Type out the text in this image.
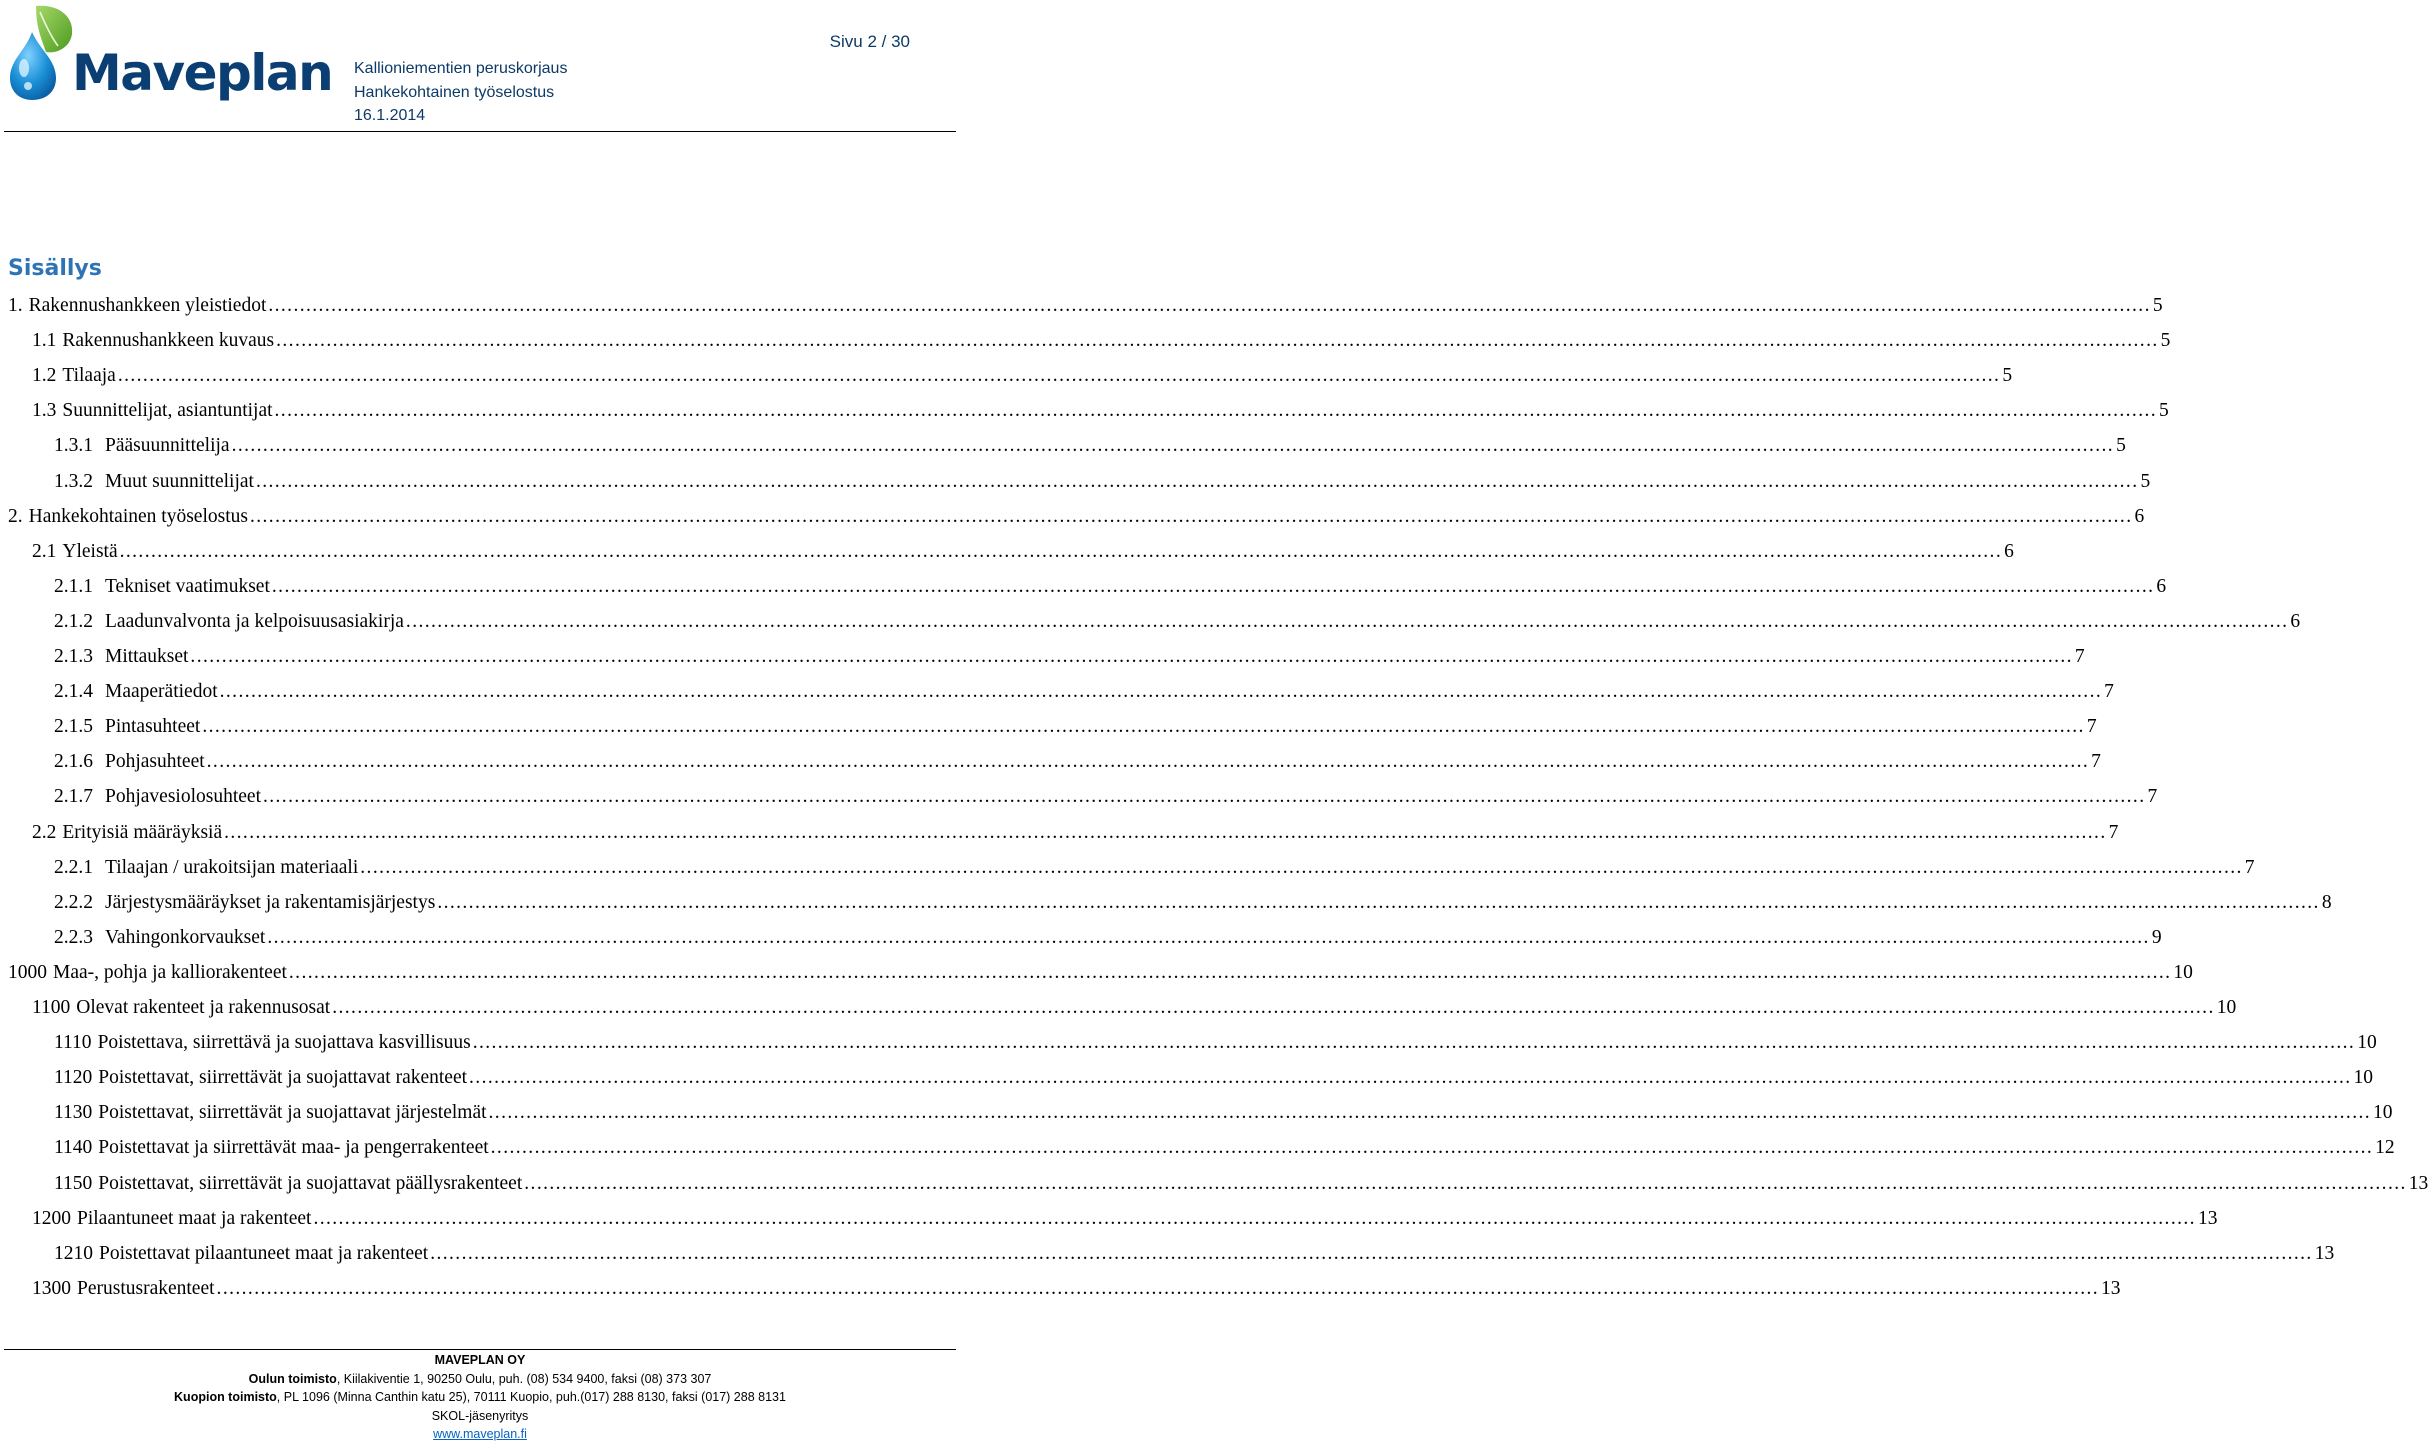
Maveplan Kallioniementien peruskorjaus
Hankekohtainen työselostus
16.1.2014
Sivu 2 / 30
Sisällys
1. Rakennushankkeen yleistiedot ............................................................................................................................................................................................................................................................................................................ 5
1.1 Rakennushankkeen kuvaus ............................................................................................................................................................................................................................................................................................................ 5
1.2 Tilaaja ............................................................................................................................................................................................................................................................................................................ 5
1.3 Suunnittelijat, asiantuntijat ............................................................................................................................................................................................................................................................................................................ 5
1.3.1 Pääsuunnittelija ............................................................................................................................................................................................................................................................................................................ 5
1.3.2 Muut suunnittelijat ............................................................................................................................................................................................................................................................................................................ 5
2. Hankekohtainen työselostus ............................................................................................................................................................................................................................................................................................................ 6
2.1 Yleistä ............................................................................................................................................................................................................................................................................................................ 6
2.1.1 Tekniset vaatimukset ............................................................................................................................................................................................................................................................................................................ 6
2.1.2 Laadunvalvonta ja kelpoisuusasiakirja ............................................................................................................................................................................................................................................................................................................ 6
2.1.3 Mittaukset ............................................................................................................................................................................................................................................................................................................ 7
2.1.4 Maaperätiedot ............................................................................................................................................................................................................................................................................................................ 7
2.1.5 Pintasuhteet ............................................................................................................................................................................................................................................................................................................ 7
2.1.6 Pohjasuhteet ............................................................................................................................................................................................................................................................................................................ 7
2.1.7 Pohjavesiolosuhteet ............................................................................................................................................................................................................................................................................................................ 7
2.2 Erityisiä määräyksiä ............................................................................................................................................................................................................................................................................................................ 7
2.2.1 Tilaajan / urakoitsijan materiaali ............................................................................................................................................................................................................................................................................................................ 7
2.2.2 Järjestysmääräykset ja rakentamisjärjestys ............................................................................................................................................................................................................................................................................................................ 8
2.2.3 Vahingonkorvaukset ............................................................................................................................................................................................................................................................................................................ 9
1000 Maa-, pohja ja kalliorakenteet ............................................................................................................................................................................................................................................................................................................ 10
1100 Olevat rakenteet ja rakennusosat ............................................................................................................................................................................................................................................................................................................ 10
1110 Poistettava, siirrettävä ja suojattava kasvillisuus ............................................................................................................................................................................................................................................................................................................ 10
1120 Poistettavat, siirrettävät ja suojattavat rakenteet ............................................................................................................................................................................................................................................................................................................ 10
1130 Poistettavat, siirrettävät ja suojattavat järjestelmät ............................................................................................................................................................................................................................................................................................................ 10
1140 Poistettavat ja siirrettävät maa- ja pengerrakenteet ............................................................................................................................................................................................................................................................................................................ 12
1150 Poistettavat, siirrettävät ja suojattavat päällysrakenteet ............................................................................................................................................................................................................................................................................................................ 13
1200 Pilaantuneet maat ja rakenteet ............................................................................................................................................................................................................................................................................................................ 13
1210 Poistettavat pilaantuneet maat ja rakenteet ............................................................................................................................................................................................................................................................................................................ 13
1300 Perustusrakenteet ............................................................................................................................................................................................................................................................................................................ 13
MAVEPLAN OY
Oulun toimisto, Kiilakiventie 1, 90250 Oulu, puh. (08) 534 9400, faksi (08) 373 307
Kuopion toimisto, PL 1096 (Minna Canthin katu 25), 70111 Kuopio, puh.(017) 288 8130, faksi (017) 288 8131
SKOL-jäsenyritys
www.maveplan.fi
